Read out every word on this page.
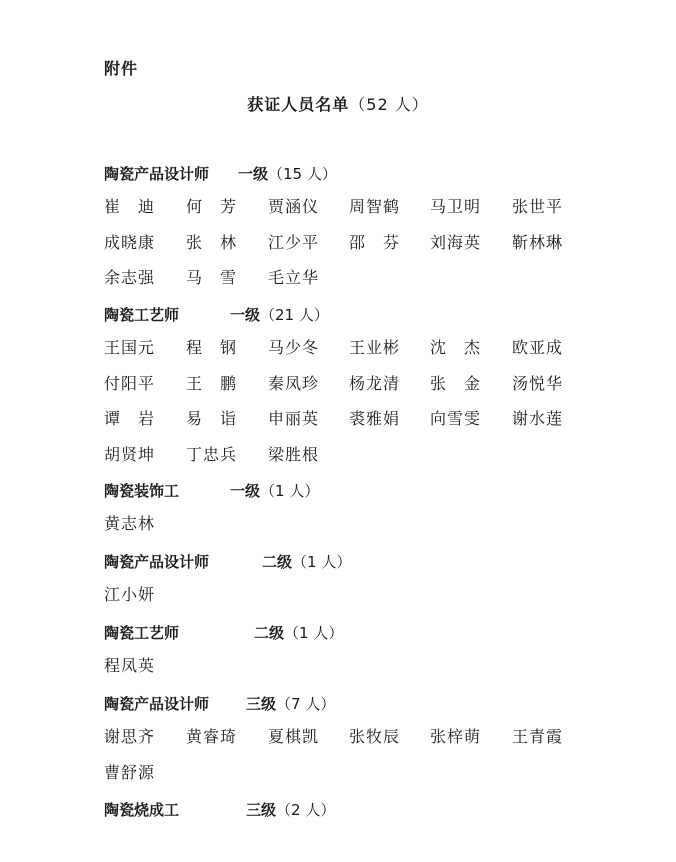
附件
获证人员名单（52 人）
陶瓷产品设计师 一级（15 人）
崔　迪 何　芳 贾涵仪 周智鹤 马卫明 张世平
成晓康 张　林 江少平 邵　芬 刘海英 靳林琳
余志强 马　雪 毛立华
陶瓷工艺师	一级（21 人）
王国元 程　钢 马少冬 王业彬 沈　杰 欧亚成
付阳平 王　鹏 秦凤珍 杨龙清 张　金 汤悦华
谭　岩 易　诣 申丽英 裘雅娟 向雪雯 谢水莲
胡贤坤 丁忠兵 梁胜根
陶瓷装饰工	一级（1 人）
黄志林
陶瓷产品设计师	二级（1 人）
江小妍
陶瓷工艺师	二级（1 人）
程凤英
陶瓷产品设计师 三级（7 人）
谢思齐 黄睿琦 夏棋凯 张牧辰 张梓萌 王青霞
曹舒源
陶瓷烧成工	三级（2 人）
